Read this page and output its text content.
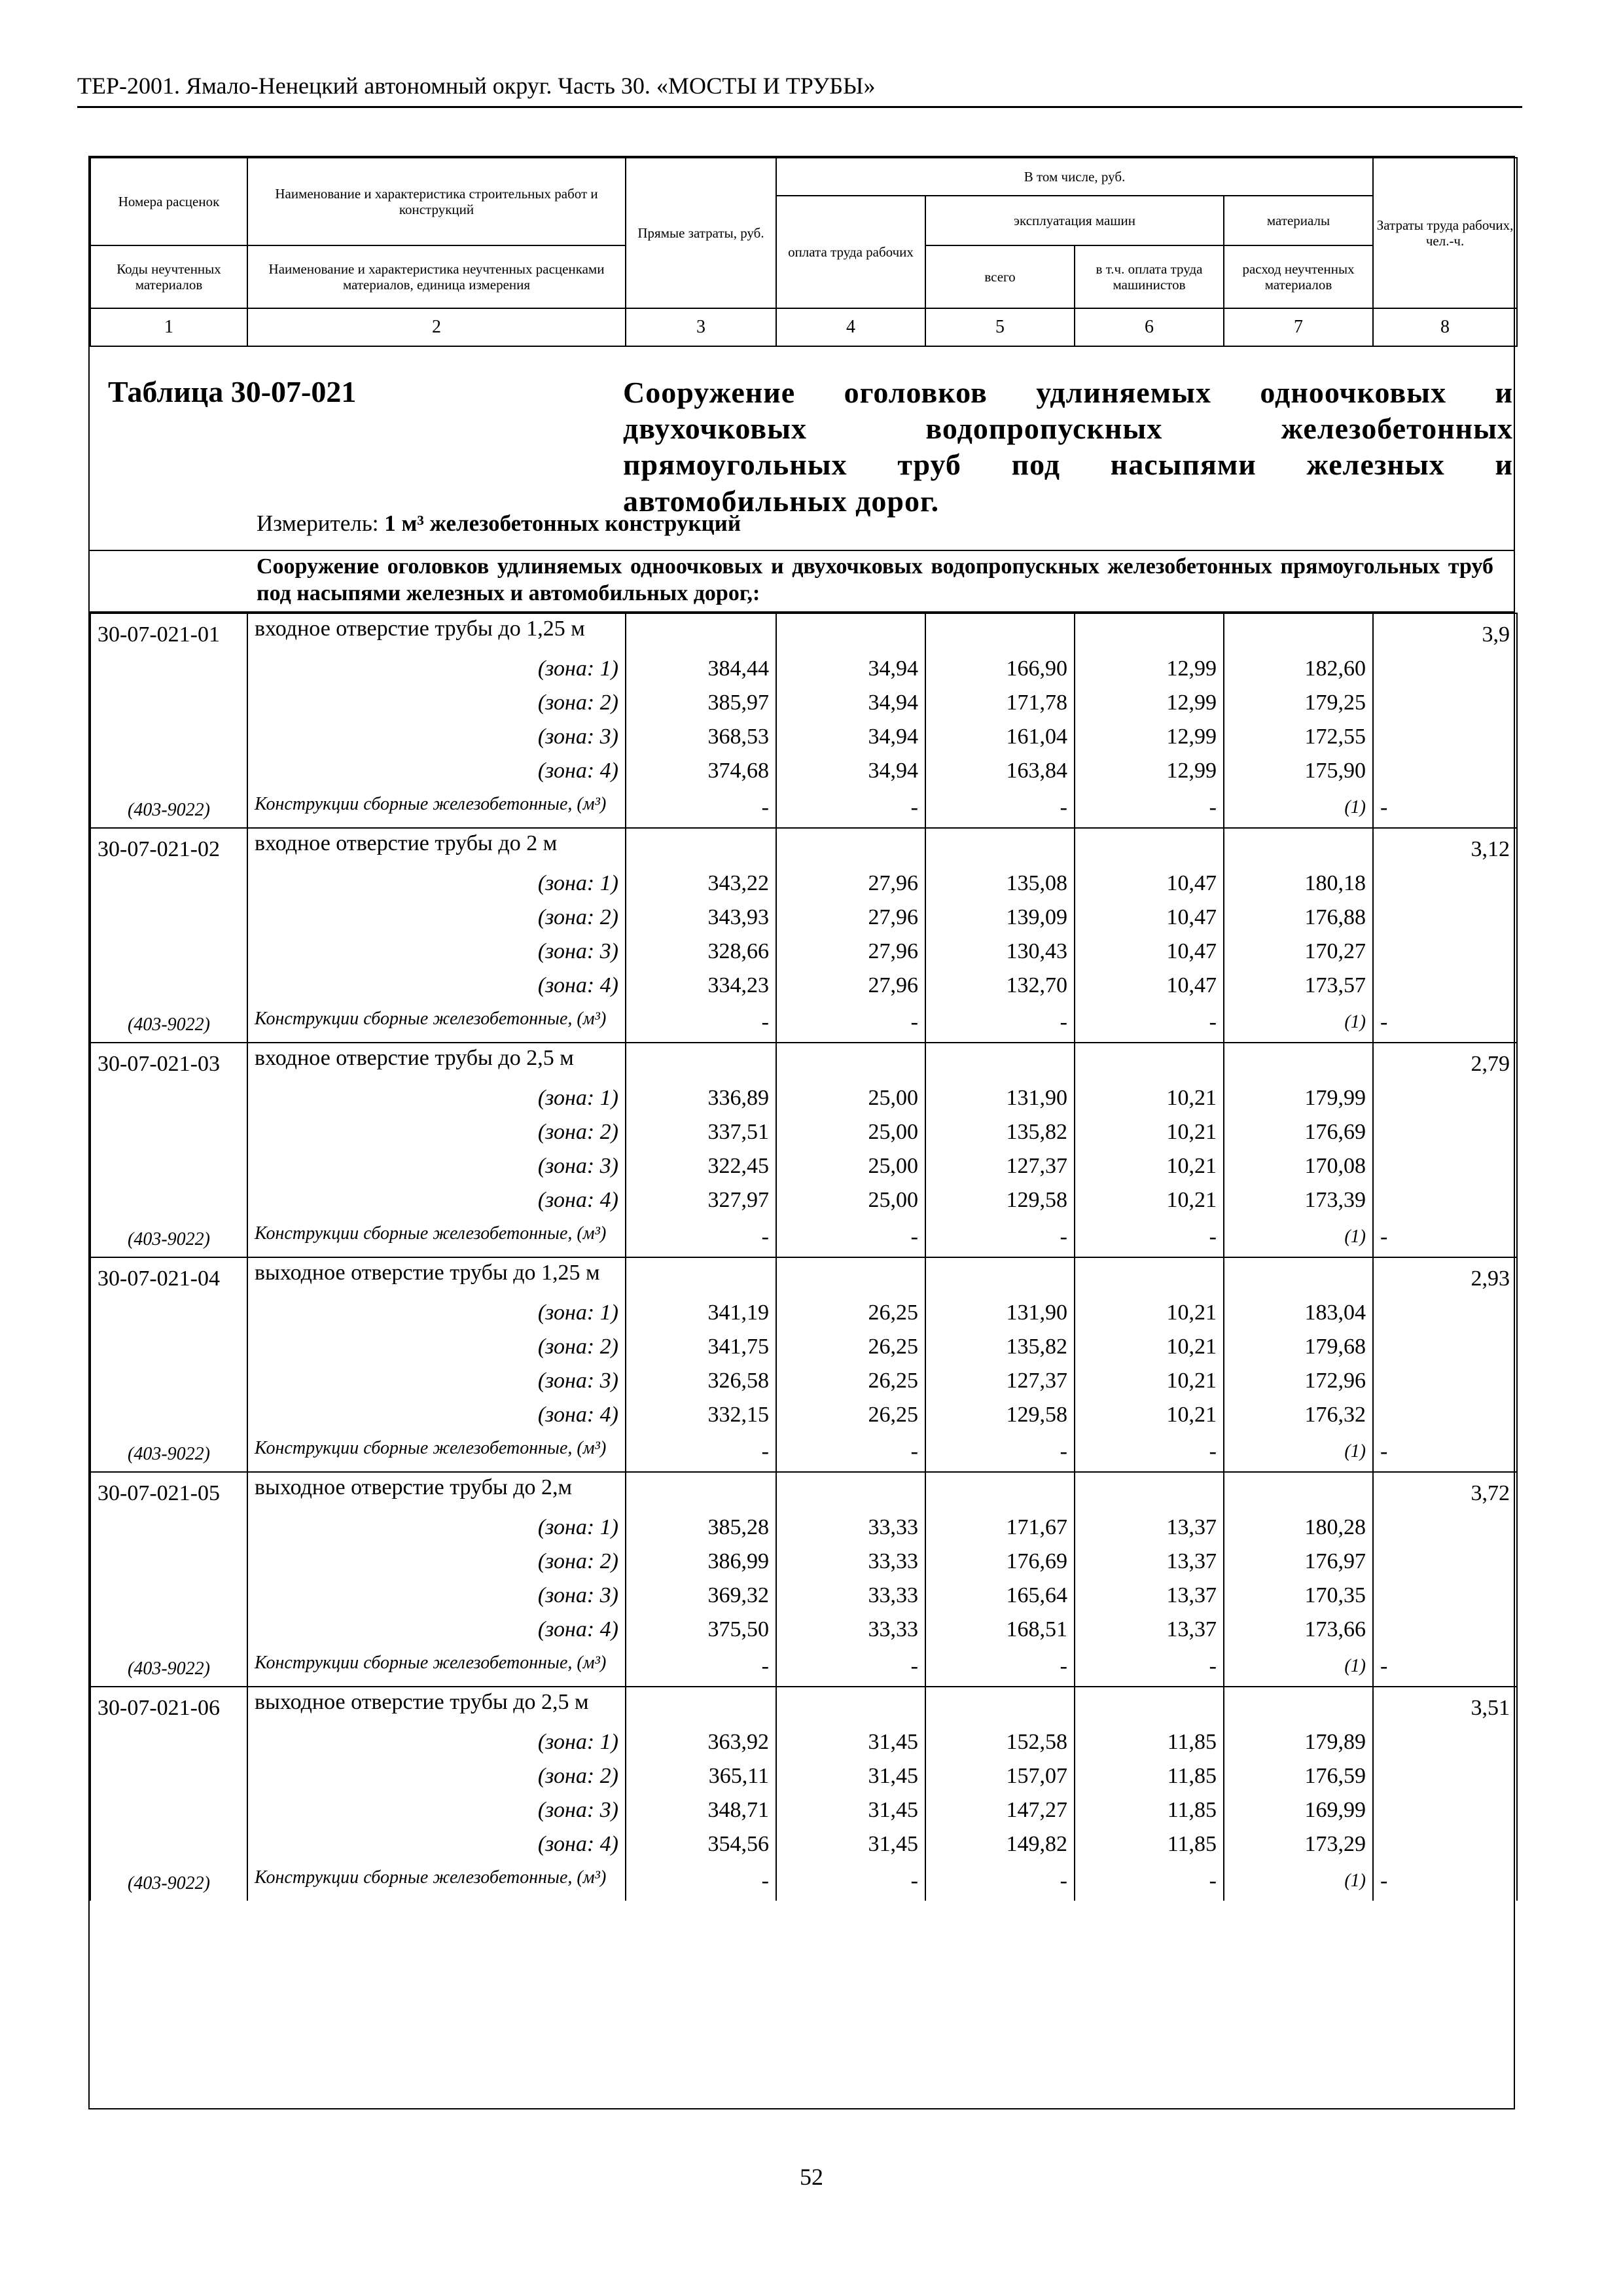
ТЕР-2001. Ямало-Ненецкий автономный округ. Часть 30. «МОСТЫ И ТРУБЫ»
Номера расценок	Наименование и характеристика строительных работ и конструкций	Прямые затраты, руб.	В том числе, руб.				Затраты труда рабочих, чел.-ч.
			оплата труда рабочих	эксплуатация машин		материалы	
Коды неучтенных материалов	Наименование и характеристика неучтенных расценками материалов, единица измерения			всего	в т.ч. оплата труда машинистов	расход неучтенных материалов	
1	2	3	4	5	6	7	8
Таблица 30-07-021	Сооружение оголовков удлиняемых одноочковых и двухочковых водопропускных железобетонных прямоугольных труб под насыпями железных и автомобильных дорог.
Измеритель: 1 м³ железобетонных конструкций
Сооружение оголовков удлиняемых одноочковых и двухочковых водопропускных железобетонных прямоугольных труб под насыпями железных и автомобильных дорог,:
30-07-021-01	входное отверстие трубы до 1,25 м						3,9
	(зона: 1)	384,44	34,94	166,90	12,99	182,60	
	(зона: 2)	385,97	34,94	171,78	12,99	179,25	
	(зона: 3)	368,53	34,94	161,04	12,99	172,55	
	(зона: 4)	374,68	34,94	163,84	12,99	175,90	
(403-9022)	Конструкции сборные железобетонные, (м³)	-	-	-	-	(1)	-
30-07-021-02	входное отверстие трубы до 2 м						3,12
	(зона: 1)	343,22	27,96	135,08	10,47	180,18	
	(зона: 2)	343,93	27,96	139,09	10,47	176,88	
	(зона: 3)	328,66	27,96	130,43	10,47	170,27	
	(зона: 4)	334,23	27,96	132,70	10,47	173,57	
(403-9022)	Конструкции сборные железобетонные, (м³)	-	-	-	-	(1)	-
30-07-021-03	входное отверстие трубы до 2,5 м						2,79
	(зона: 1)	336,89	25,00	131,90	10,21	179,99	
	(зона: 2)	337,51	25,00	135,82	10,21	176,69	
	(зона: 3)	322,45	25,00	127,37	10,21	170,08	
	(зона: 4)	327,97	25,00	129,58	10,21	173,39	
(403-9022)	Конструкции сборные железобетонные, (м³)	-	-	-	-	(1)	-
30-07-021-04	выходное отверстие трубы до 1,25 м						2,93
	(зона: 1)	341,19	26,25	131,90	10,21	183,04	
	(зона: 2)	341,75	26,25	135,82	10,21	179,68	
	(зона: 3)	326,58	26,25	127,37	10,21	172,96	
	(зона: 4)	332,15	26,25	129,58	10,21	176,32	
(403-9022)	Конструкции сборные железобетонные, (м³)	-	-	-	-	(1)	-
30-07-021-05	выходное отверстие трубы до 2,м						3,72
	(зона: 1)	385,28	33,33	171,67	13,37	180,28	
	(зона: 2)	386,99	33,33	176,69	13,37	176,97	
	(зона: 3)	369,32	33,33	165,64	13,37	170,35	
	(зона: 4)	375,50	33,33	168,51	13,37	173,66	
(403-9022)	Конструкции сборные железобетонные, (м³)	-	-	-	-	(1)	-
30-07-021-06	выходное отверстие трубы до 2,5 м						3,51
	(зона: 1)	363,92	31,45	152,58	11,85	179,89	
	(зона: 2)	365,11	31,45	157,07	11,85	176,59	
	(зона: 3)	348,71	31,45	147,27	11,85	169,99	
	(зона: 4)	354,56	31,45	149,82	11,85	173,29	
(403-9022)	Конструкции сборные железобетонные, (м³)	-	-	-	-	(1)	-
52
